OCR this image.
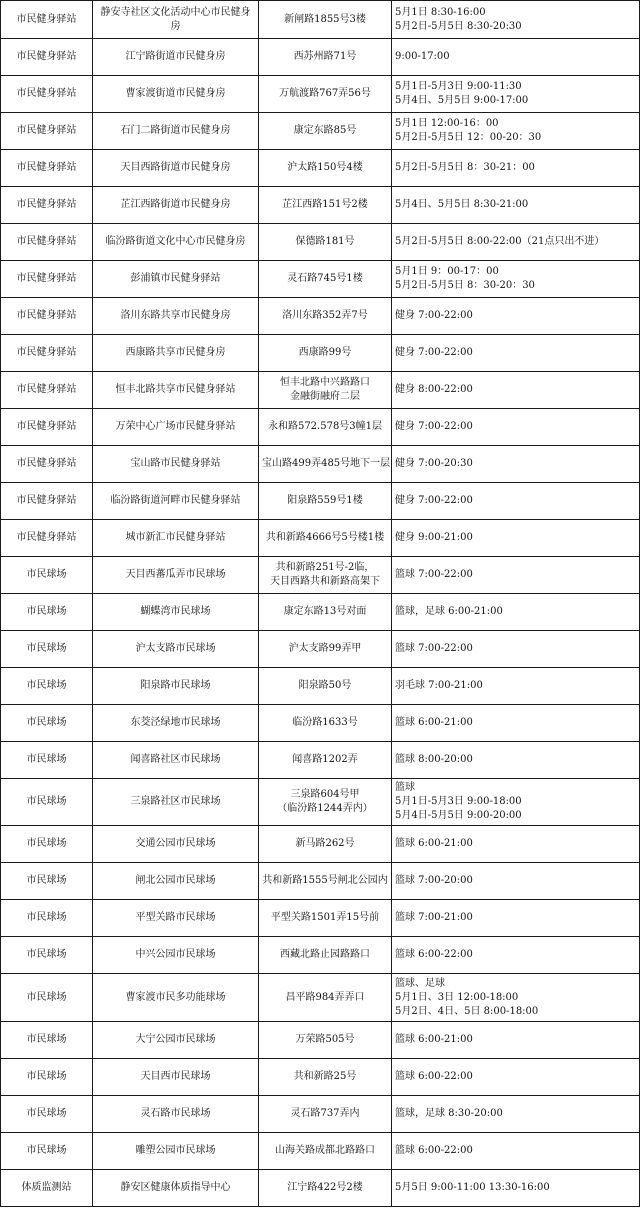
市民健身驿站	静安寺社区文化活动中心市民健身房	新闸路1855号3楼	5月1日 8:30-16:00
5月2日-5月5日 8:30-20:30

市民健身驿站	江宁路街道市民健身房	西苏州路71号	9:00-17:00

市民健身驿站	曹家渡街道市民健身房	万航渡路767弄56号	5月1日-5月3日 9:00-11:30
5月4日、5月5日 9:00-17:00

市民健身驿站	石门二路街道市民健身房	康定东路85号	5月1日 12:00-16：00
5月2日-5月5日 12：00-20：30

市民健身驿站	天目西路街道市民健身房	沪太路150号4楼	5月2日-5月5日 8：30-21：00

市民健身驿站	芷江西路街道市民健身房	芷江西路151号2楼	5月4日、5月5日 8:30-21:00

市民健身驿站	临汾路街道文化中心市民健身房	保德路181号	5月2日-5月5日 8:00-22:00（21点只出不进）

市民健身驿站	彭浦镇市民健身驿站	灵石路745号1楼	5月1日 9：00-17：00
5月2日-5月5日 8：30-20：30

市民健身驿站	洛川东路共享市民健身房	洛川东路352弄7号	健身 7:00-22:00

市民健身驿站	西康路共享市民健身房	西康路99号	健身 7:00-22:00

市民健身驿站	恒丰北路共享市民健身驿站	恒丰北路中兴路路口
金融街融府二层	健身 8:00-22:00

市民健身驿站	万荣中心广场市民健身驿站	永和路572.578号3幢1层	健身 7:00-22:00

市民健身驿站	宝山路市民健身驿站	宝山路499弄485号地下一层	健身 7:00-20:30

市民健身驿站	临汾路街道河畔市民健身驿站	阳泉路559号1楼	健身 7:00-22:00

市民健身驿站	城市新汇市民健身驿站	共和新路4666号5号楼1楼	健身 9:00-21:00

市民球场	天目西蕃瓜弄市民球场	共和新路251号-2临，
天目西路共和新路高架下	篮球 7:00-22:00

市民球场	蝴蝶湾市民球场	康定东路13号对面	篮球，足球 6:00-21:00

市民球场	沪太支路市民球场	沪太支路99弄甲	篮球 7:00-22:00

市民球场	阳泉路市民球场	阳泉路50号	羽毛球 7:00-21:00

市民球场	东茭泾绿地市民球场	临汾路1633号	篮球 6:00-21:00

市民球场	闻喜路社区市民球场	闻喜路1202弄	篮球 8:00-20:00

市民球场	三泉路社区市民球场	三泉路604号甲
（临汾路1244弄内）	篮球
5月1日-5月3日 9:00-18:00
5月4日-5月5日 9:00-20:00

市民球场	交通公园市民球场	新马路262号	篮球 6:00-21:00

市民球场	闸北公园市民球场	共和新路1555号闸北公园内	篮球 7:00-20:00

市民球场	平型关路市民球场	平型关路1501弄15号前	篮球 7:00-21:00

市民球场	中兴公园市民球场	西藏北路止园路路口	篮球 6:00-22:00

市民球场	曹家渡市民多功能球场	昌平路984弄弄口	篮球、足球
5月1日、3日 12:00-18:00
5月2日、4日、5日 8:00-18:00

市民球场	大宁公园市民球场	万荣路505号	篮球 6:00-21:00

市民球场	天目西市民球场	共和新路25号	篮球 6:00-22:00

市民球场	灵石路市民球场	灵石路737弄内	篮球，足球 8:30-20:00

市民球场	雕塑公园市民球场	山海关路成都北路路口	篮球 6:00-22:00

体质监测站	静安区健康体质指导中心	江宁路422号2楼	5月5日 9:00-11:00 13:30-16:00
